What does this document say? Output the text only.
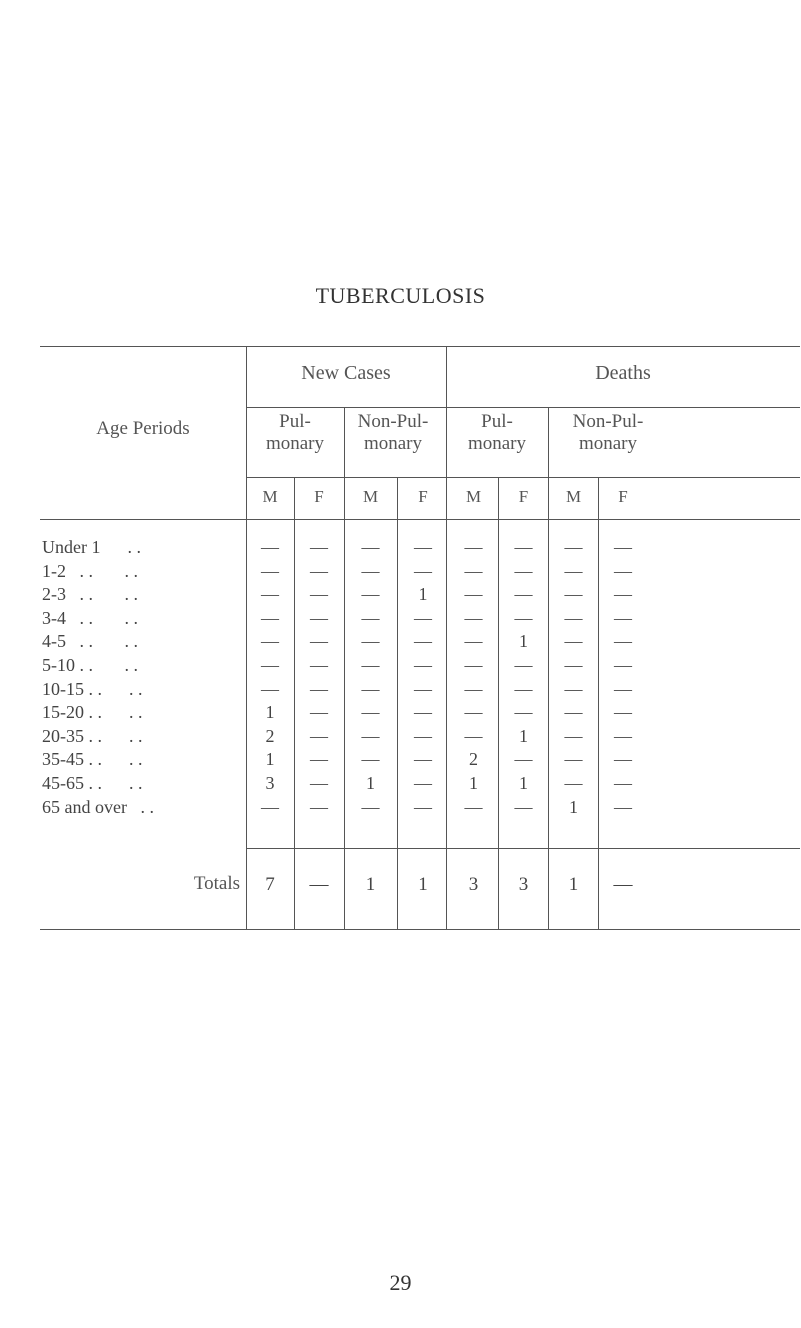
TUBERCULOSIS
Age Periods
New Cases
Pul-
monary
Non-Pul-
monary
Deaths
Pul-
monary
Non-Pul-
monary
M	F	M	F	M	F	M	F
Under 1      . .	—	—	—	—	—	—	—	—
1-2   . .       . .	—	—	—	—	—	—	—	—
2-3   . .       . .	—	—	—	1	—	—	—	—
3-4   . .       . .	—	—	—	—	—	—	—	—
4-5   . .       . .	—	—	—	—	—	1	—	—
5-10 . .       . .	—	—	—	—	—	—	—	—
10-15 . .      . .	—	—	—	—	—	—	—	—
15-20 . .      . .	1	—	—	—	—	—	—	—
20-35 . .      . .	2	—	—	—	—	1	—	—
35-45 . .      . .	1	—	—	—	2	—	—	—
45-65 . .      . .	3	—	1	—	1	1	—	—
65 and over   . .	—	—	—	—	—	—	1	—
Totals	7	—	1	1	3	3	1	—
29
